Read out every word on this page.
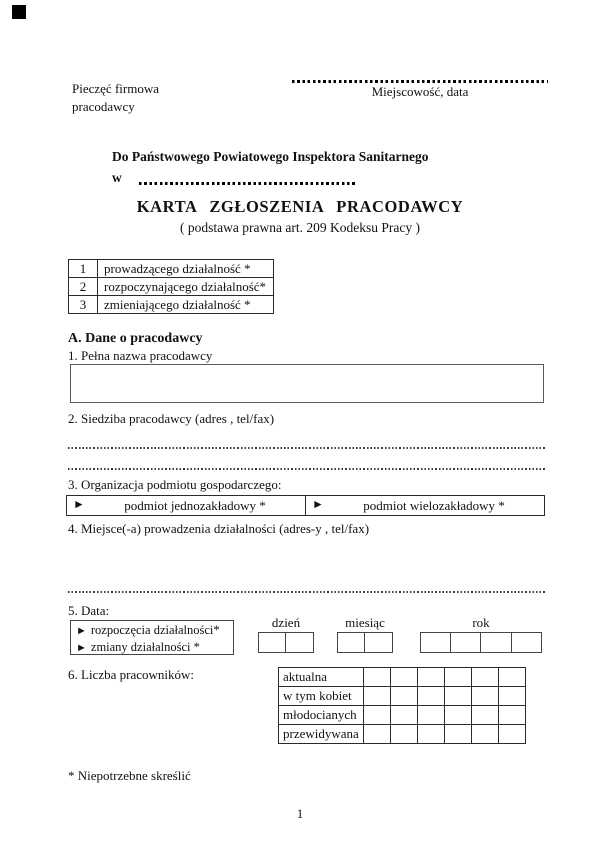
Pieczęć firmowa
pracodawcy
Miejscowość, data
Do Państwowego Powiatowego Inspektora Sanitarnego
w
KARTA ZGŁOSZENIA PRACODAWCY
( podstawa prawna art. 209 Kodeksu Pracy )
1	prowadzącego działalność *
2	rozpoczynającego działalność*
3	zmieniającego działalność *
A. Dane o pracodawcy
1. Pełna nazwa pracodawcy
2. Siedziba pracodawcy (adres , tel/fax)
3. Organizacja podmiotu gospodarczego:
►	podmiot jednozakładowy *	►	podmiot wielozakładowy *
4. Miejsce(-a) prowadzenia działalności (adres-y , tel/fax)
5. Data:
► rozpoczęcia działalności*
► zmiany działalności *
dzień	miesiąc	rok
6. Liczba pracowników:	aktualna						
w tym kobiet						
młodocianych						
przewidywana						
* Niepotrzebne skreślić
1
